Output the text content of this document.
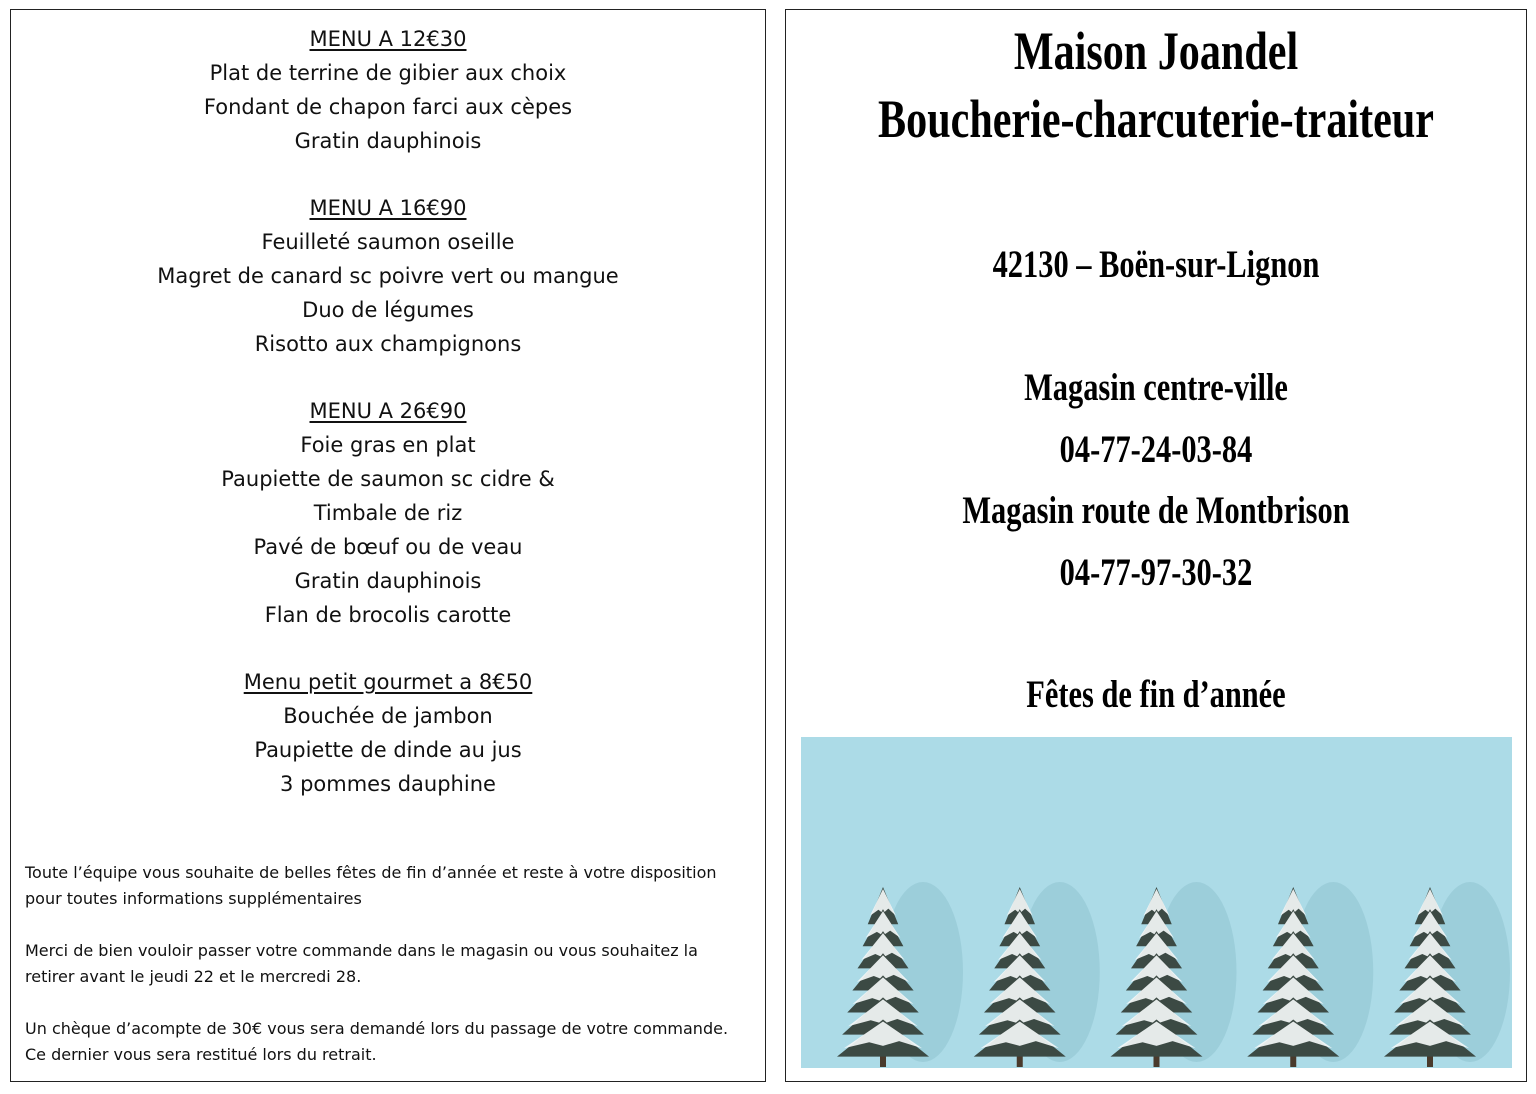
MENU A 12€30
Plat de terrine de gibier aux choix
Fondant de chapon farci aux cèpes
Gratin dauphinois
MENU A 16€90
Feuilleté saumon oseille
Magret de canard sc poivre vert ou mangue
Duo de légumes
Risotto aux champignons
MENU A 26€90
Foie gras en plat
Paupiette de saumon sc cidre &
Timbale de riz
Pavé de bœuf ou de veau
Gratin dauphinois
Flan de brocolis carotte
Menu petit gourmet a 8€50
Bouchée de jambon
Paupiette de dinde au jus
3 pommes dauphine

Toute l’équipe vous souhaite de belles fêtes de fin d’année et reste à votre disposition pour toutes informations supplémentaires

Merci de bien vouloir passer votre commande dans le magasin ou vous souhaitez la retirer avant le jeudi 22 et le mercredi 28.

Un chèque d’acompte de 30€ vous sera demandé lors du passage de votre commande. Ce dernier vous sera restitué lors du retrait.

Maison Joandel
Boucherie-charcuterie-traiteur
42130 – Boën-sur-Lignon
Magasin centre-ville
04-77-24-03-84
Magasin route de Montbrison
04-77-97-30-32
Fêtes de fin d’année
